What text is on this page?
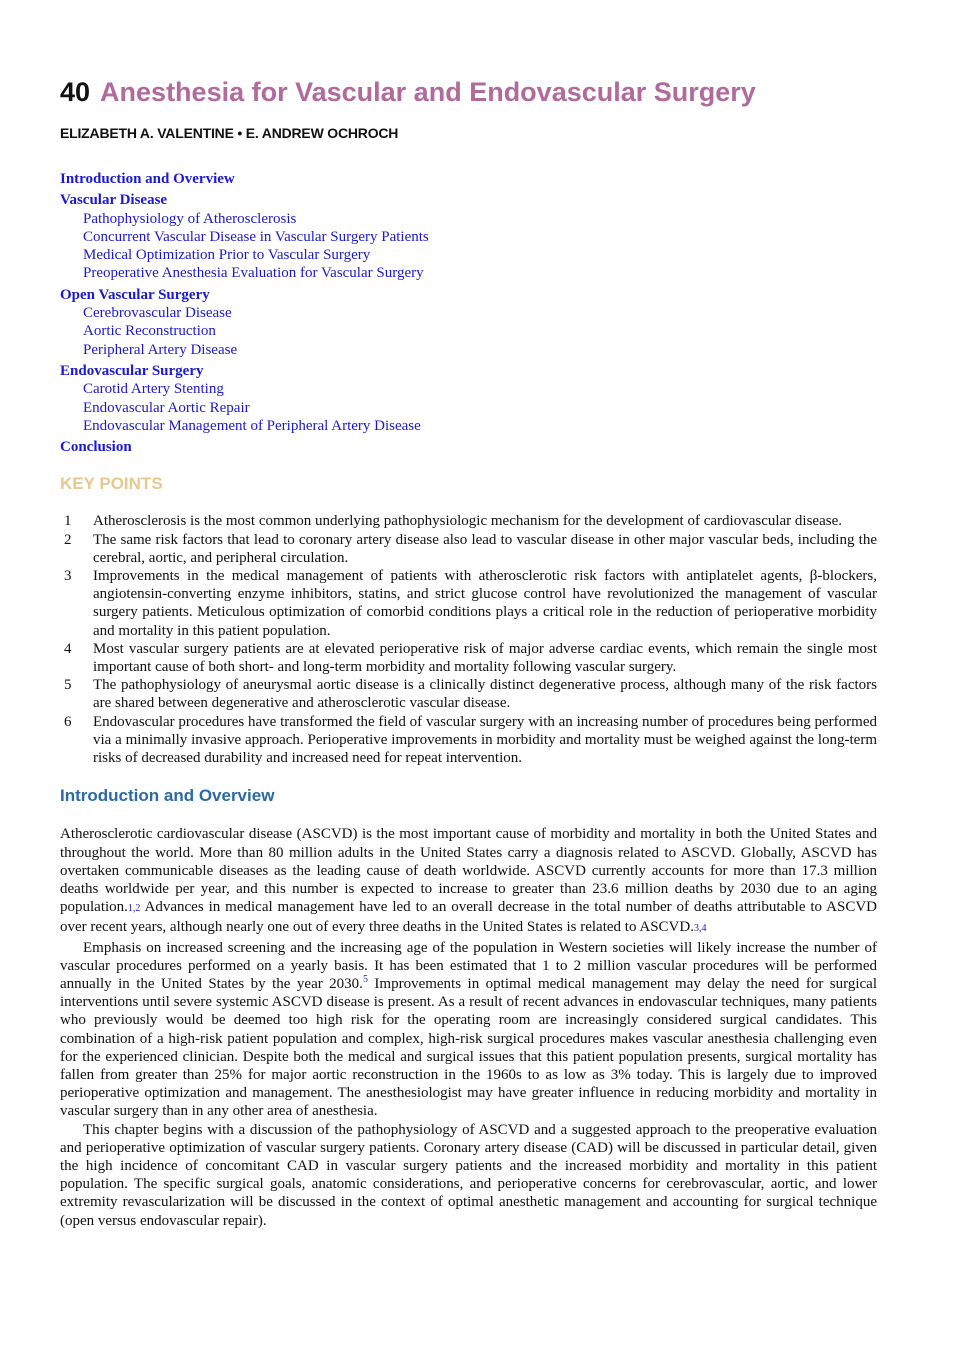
40 Anesthesia for Vascular and Endovascular Surgery
ELIZABETH A. VALENTINE • E. ANDREW OCHROCH
Introduction and Overview
Vascular Disease
Pathophysiology of Atherosclerosis
Concurrent Vascular Disease in Vascular Surgery Patients
Medical Optimization Prior to Vascular Surgery
Preoperative Anesthesia Evaluation for Vascular Surgery
Open Vascular Surgery
Cerebrovascular Disease
Aortic Reconstruction
Peripheral Artery Disease
Endovascular Surgery
Carotid Artery Stenting
Endovascular Aortic Repair
Endovascular Management of Peripheral Artery Disease
Conclusion
KEY POINTS
1	Atherosclerosis is the most common underlying pathophysiologic mechanism for the development of cardiovascular disease.
2	The same risk factors that lead to coronary artery disease also lead to vascular disease in other major vascular beds, including the cerebral, aortic, and peripheral circulation.
3	Improvements in the medical management of patients with atherosclerotic risk factors with antiplatelet agents, β-blockers, angiotensin-converting enzyme inhibitors, statins, and strict glucose control have revolutionized the management of vascular surgery patients. Meticulous optimization of comorbid conditions plays a critical role in the reduction of perioperative morbidity and mortality in this patient population.
4	Most vascular surgery patients are at elevated perioperative risk of major adverse cardiac events, which remain the single most important cause of both short- and long-term morbidity and mortality following vascular surgery.
5	The pathophysiology of aneurysmal aortic disease is a clinically distinct degenerative process, although many of the risk factors are shared between degenerative and atherosclerotic vascular disease.
6	Endovascular procedures have transformed the field of vascular surgery with an increasing number of procedures being performed via a minimally invasive approach. Perioperative improvements in morbidity and mortality must be weighed against the long-term risks of decreased durability and increased need for repeat intervention.
Introduction and Overview

Atherosclerotic cardiovascular disease (ASCVD) is the most important cause of morbidity and mortality in both the United States and throughout the world. More than 80 million adults in the United States carry a diagnosis related to ASCVD. Globally, ASCVD has overtaken communicable diseases as the leading cause of death worldwide. ASCVD currently accounts for more than 17.3 million deaths worldwide per year, and this number is expected to increase to greater than 23.6 million deaths by 2030 due to an aging population.1,2 Advances in medical management have led to an overall decrease in the total number of deaths attributable to ASCVD over recent years, although nearly one out of every three deaths in the United States is related to ASCVD.3,4

Emphasis on increased screening and the increasing age of the population in Western societies will likely increase the number of vascular procedures performed on a yearly basis. It has been estimated that 1 to 2 million vascular procedures will be performed annually in the United States by the year 2030.$^5$ Improvements in optimal medical management may delay the need for surgical interventions until severe systemic ASCVD disease is present. As a result of recent advances in endovascular techniques, many patients who previously would be deemed too high risk for the operating room are increasingly considered surgical candidates. This combination of a high-risk patient population and complex, high-risk surgical procedures makes vascular anesthesia challenging even for the experienced clinician. Despite both the medical and surgical issues that this patient population presents, surgical mortality has fallen from greater than 25% for major aortic reconstruction in the 1960s to as low as 3% today. This is largely due to improved perioperative optimization and management. The anesthesiologist may have greater influence in reducing morbidity and mortality in vascular surgery than in any other area of anesthesia.

This chapter begins with a discussion of the pathophysiology of ASCVD and a suggested approach to the preoperative evaluation and perioperative optimization of vascular surgery patients. Coronary artery disease (CAD) will be discussed in particular detail, given the high incidence of concomitant CAD in vascular surgery patients and the increased morbidity and mortality in this patient population. The specific surgical goals, anatomic considerations, and perioperative concerns for cerebrovascular, aortic, and lower extremity revascularization will be discussed in the context of optimal anesthetic management and accounting for surgical technique (open versus endovascular repair).
